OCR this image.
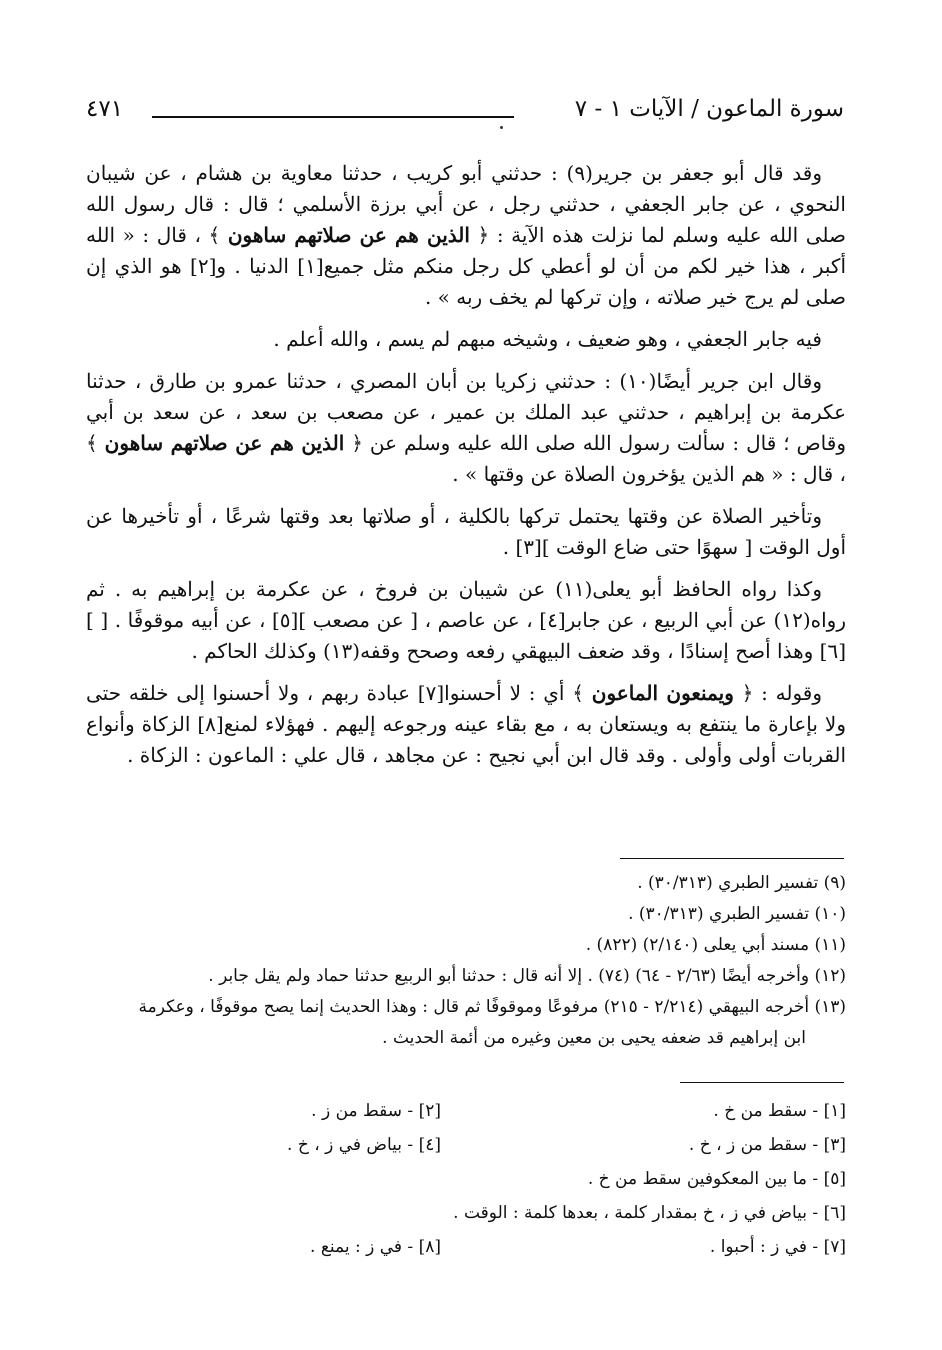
سورة الماعون / الآيات ١ - ٧
٤٧١

وقد قال أبو جعفر بن جرير(٩) : حدثني أبو كريب ، حدثنا معاوية بن هشام ، عن شيبان النحوي ، عن جابر الجعفي ، حدثني رجل ، عن أبي برزة الأسلمي ؛ قال : قال رسول الله صلى الله عليه وسلم لما نزلت هذه الآية : ﴿ الذين هم عن صلاتهم ساهون ﴾ ، قال : « الله أكبر ، هذا خير لكم من أن لو أعطي كل رجل منكم مثل جميع[١] الدنيا . و[٢] هو الذي إن صلى لم يرج خير صلاته ، وإن تركها لم يخف ربه » .

فيه جابر الجعفي ، وهو ضعيف ، وشيخه مبهم لم يسم ، والله أعلم .

وقال ابن جرير أيضًا(١٠) : حدثني زكريا بن أبان المصري ، حدثنا عمرو بن طارق ، حدثنا عكرمة بن إبراهيم ، حدثني عبد الملك بن عمير ، عن مصعب بن سعد ، عن سعد بن أبي وقاص ؛ قال : سألت رسول الله صلى الله عليه وسلم عن ﴿ الذين هم عن صلاتهم ساهون ﴾ ، قال : « هم الذين يؤخرون الصلاة عن وقتها » .

وتأخير الصلاة عن وقتها يحتمل تركها بالكلية ، أو صلاتها بعد وقتها شرعًا ، أو تأخيرها عن أول الوقت [ سهوًا حتى ضاع الوقت ][٣] .

وكذا رواه الحافظ أبو يعلى(١١) عن شيبان بن فروخ ، عن عكرمة بن إبراهيم به . ثم رواه(١٢) عن أبي الربيع ، عن جابر[٤] ، عن عاصم ، [ عن مصعب ][٥] ، عن أبيه موقوفًا . [ ][٦] وهذا أصح إسنادًا ، وقد ضعف البيهقي رفعه وصحح وقفه(١٣) وكذلك الحاكم .

وقوله : ﴿ ويمنعون الماعون ﴾ أي : لا أحسنوا[٧] عبادة ربهم ، ولا أحسنوا إلى خلقه حتى ولا بإعارة ما ينتفع به ويستعان به ، مع بقاء عينه ورجوعه إليهم . فهؤلاء لمنع[٨] الزكاة وأنواع القربات أولى وأولى . وقد قال ابن أبي نجيح : عن مجاهد ، قال علي : الماعون : الزكاة .

(٩) تفسير الطبري (٣٠/٣١٣) .
(١٠) تفسير الطبري (٣٠/٣١٣) .
(١١) مسند أبي يعلى (٢/١٤٠) (٨٢٢) .
(١٢) وأخرجه أيضًا (٢/٦٣ - ٦٤) (٧٤) . إلا أنه قال : حدثنا أبو الربيع حدثنا حماد ولم يقل جابر .
(١٣) أخرجه البيهقي (٢/٢١٤ - ٢١٥) مرفوعًا وموقوفًا ثم قال : وهذا الحديث إنما يصح موقوفًا ، وعكرمة
ابن إبراهيم قد ضعفه يحيى بن معين وغيره من أئمة الحديث .
[١] - سقط من خ .
[٢] - سقط من ز .
[٣] - سقط من ز ، خ .
[٤] - بياض في ز ، خ .
[٥] - ما بين المعكوفين سقط من خ .
[٦] - بياض في ز ، خ بمقدار كلمة ، بعدها كلمة : الوقت .
[٧] - في ز : أحبوا .
[٨] - في ز : يمنع .
